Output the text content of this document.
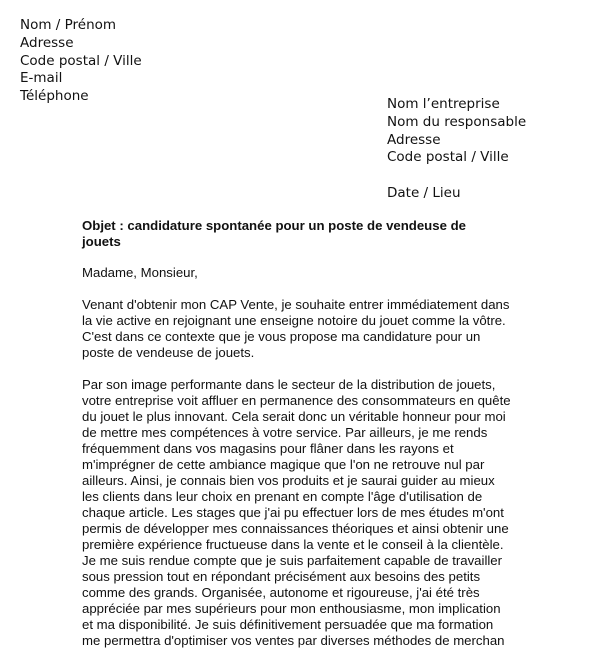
Nom / Prénom
Adresse
Code postal / Ville
E-mail
Téléphone	Nom l’entreprise
Nom du responsable
Adresse
Code postal / Ville
Date / Lieu
Objet : candidature spontanée pour un poste de vendeuse de
jouets
Madame, Monsieur,
Venant d'obtenir mon CAP Vente, je souhaite entrer immédiatement dans
la vie active en rejoignant une enseigne notoire du jouet comme la vôtre.
C'est dans ce contexte que je vous propose ma candidature pour un
poste de vendeuse de jouets.
Par son image performante dans le secteur de la distribution de jouets,
votre entreprise voit affluer en permanence des consommateurs en quête
du jouet le plus innovant. Cela serait donc un véritable honneur pour moi
de mettre mes compétences à votre service. Par ailleurs, je me rends
fréquemment dans vos magasins pour flâner dans les rayons et
m'imprégner de cette ambiance magique que l'on ne retrouve nul par
ailleurs. Ainsi, je connais bien vos produits et je saurai guider au mieux
les clients dans leur choix en prenant en compte l'âge d'utilisation de
chaque article. Les stages que j'ai pu effectuer lors de mes études m'ont
permis de développer mes connaissances théoriques et ainsi obtenir une
première expérience fructueuse dans la vente et le conseil à la clientèle.
Je me suis rendue compte que je suis parfaitement capable de travailler
sous pression tout en répondant précisément aux besoins des petits
comme des grands. Organisée, autonome et rigoureuse, j'ai été très
appréciée par mes supérieurs pour mon enthousiasme, mon implication
et ma disponibilité. Je suis définitivement persuadée que ma formation
me permettra d'optimiser vos ventes par diverses méthodes de merchan
